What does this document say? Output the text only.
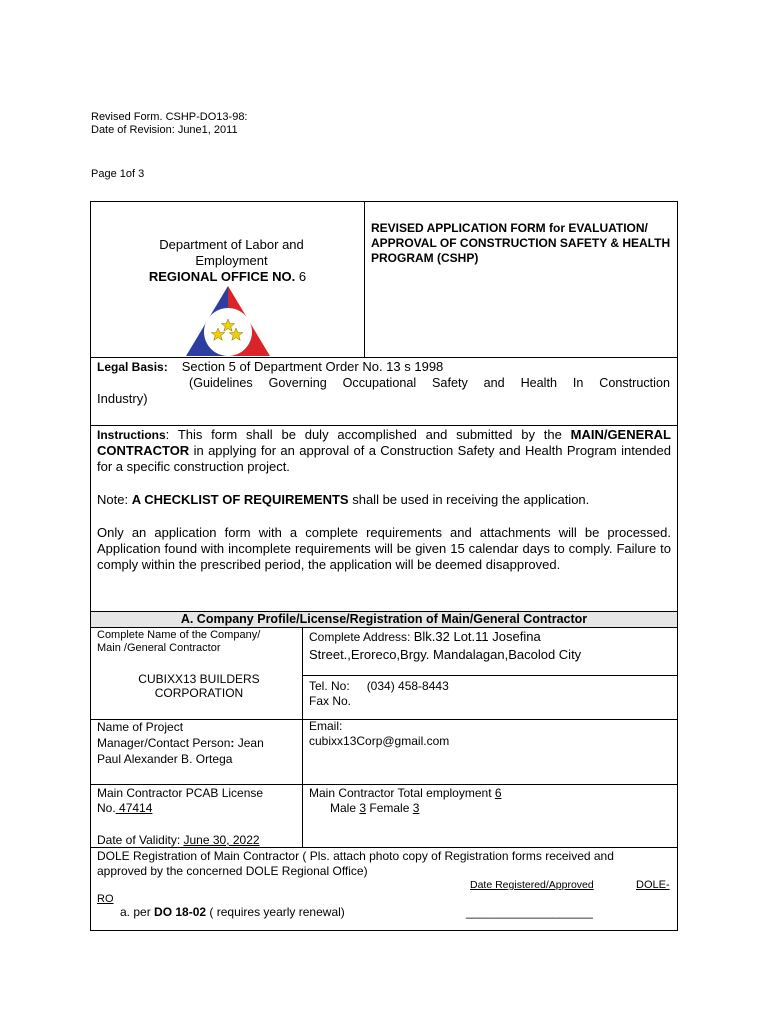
Revised Form. CSHP-DO13-98:
Date of Revision: June1, 2011
Page 1of 3
Department of Labor and
Employment
REGIONAL OFFICE NO. 6
REVISED APPLICATION FORM for EVALUATION/ APPROVAL OF CONSTRUCTION SAFETY & HEALTH PROGRAM (CSHP)
Legal Basis: Section 5 of Department Order No. 13 s 1998
(Guidelines Governing Occupational Safety and Health In Construction
Industry)
Instructions: This form shall be duly accomplished and submitted by the MAIN/GENERAL CONTRACTOR in applying for an approval of a Construction Safety and Health Program intended for a specific construction project.
Note: A CHECKLIST OF REQUIREMENTS shall be used in receiving the application.
Only an application form with a complete requirements and attachments will be processed. Application found with incomplete requirements will be given 15 calendar days to comply. Failure to comply within the prescribed period, the application will be deemed disapproved.
A. Company Profile/License/Registration of Main/General Contractor
Complete Name of the Company/
Main /General Contractor
CUBIXX13 BUILDERS
CORPORATION
Complete Address: Blk.32 Lot.11 Josefina
Street.,Eroreco,Brgy. Mandalagan,Bacolod City
Tel. No: (034) 458-8443
Fax No.
Name of Project
Manager/Contact Person: Jean
Paul Alexander B. Ortega
Email:
cubixx13Corp@gmail.com
Main Contractor PCAB License
No. 47414
Date of Validity: June 30, 2022
Main Contractor Total employment 6
Male 3 Female 3
DOLE Registration of Main Contractor ( Pls. attach photo copy of Registration forms received and
approved by the concerned DOLE Regional Office)
Date Registered/Approved	DOLE-
RO
a. per DO 18-02 ( requires yearly renewal)	___________________
